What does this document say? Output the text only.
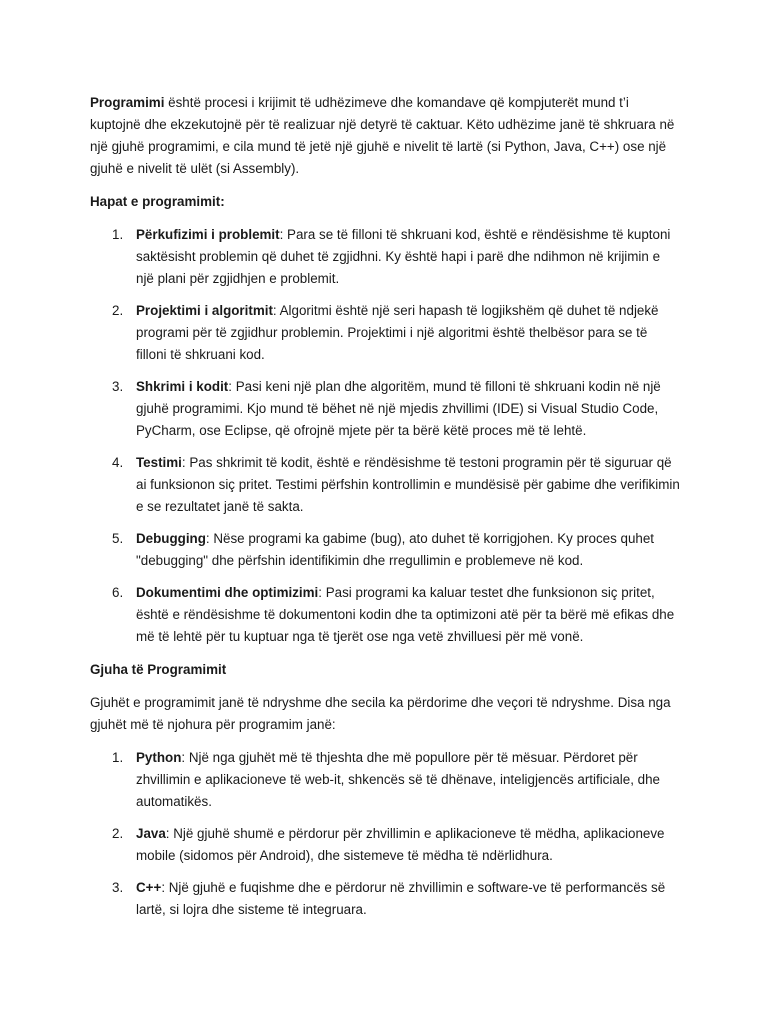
Programimi është procesi i krijimit të udhëzimeve dhe komandave që kompjuterët mund t’i kuptojnë dhe ekzekutojnë për të realizuar një detyrë të caktuar. Këto udhëzime janë të shkruara në një gjuhë programimi, e cila mund të jetë një gjuhë e nivelit të lartë (si Python, Java, C++) ose një gjuhë e nivelit të ulët (si Assembly).

Hapat e programimit:

1. Përkufizimi i problemit: Para se të filloni të shkruani kod, është e rëndësishme të kuptoni saktësisht problemin që duhet të zgjidhni. Ky është hapi i parë dhe ndihmon në krijimin e një plani për zgjidhjen e problemit.
2. Projektimi i algoritmit: Algoritmi është një seri hapash të logjikshëm që duhet të ndjekë programi për të zgjidhur problemin. Projektimi i një algoritmi është thelbësor para se të filloni të shkruani kod.
3. Shkrimi i kodit: Pasi keni një plan dhe algoritëm, mund të filloni të shkruani kodin në një gjuhë programimi. Kjo mund të bëhet në një mjedis zhvillimi (IDE) si Visual Studio Code, PyCharm, ose Eclipse, që ofrojnë mjete për ta bërë këtë proces më të lehtë.
4. Testimi: Pas shkrimit të kodit, është e rëndësishme të testoni programin për të siguruar që ai funksionon siç pritet. Testimi përfshin kontrollimin e mundësisë për gabime dhe verifikimin e se rezultatet janë të sakta.
5. Debugging: Nëse programi ka gabime (bug), ato duhet të korrigjohen. Ky proces quhet "debugging" dhe përfshin identifikimin dhe rregullimin e problemeve në kod.
6. Dokumentimi dhe optimizimi: Pasi programi ka kaluar testet dhe funksionon siç pritet, është e rëndësishme të dokumentoni kodin dhe ta optimizoni atë për ta bërë më efikas dhe më të lehtë për tu kuptuar nga të tjerët ose nga vetë zhvilluesi për më vonë.

Gjuha të Programimit

Gjuhët e programimit janë të ndryshme dhe secila ka përdorime dhe veçori të ndryshme. Disa nga gjuhët më të njohura për programim janë:

1. Python: Një nga gjuhët më të thjeshta dhe më popullore për të mësuar. Përdoret për zhvillimin e aplikacioneve të web-it, shkencës së të dhënave, inteligjencës artificiale, dhe automatikës.
2. Java: Një gjuhë shumë e përdorur për zhvillimin e aplikacioneve të mëdha, aplikacioneve mobile (sidomos për Android), dhe sistemeve të mëdha të ndërlidhura.
3. C++: Një gjuhë e fuqishme dhe e përdorur në zhvillimin e software-ve të performancës së lartë, si lojra dhe sisteme të integruara.
